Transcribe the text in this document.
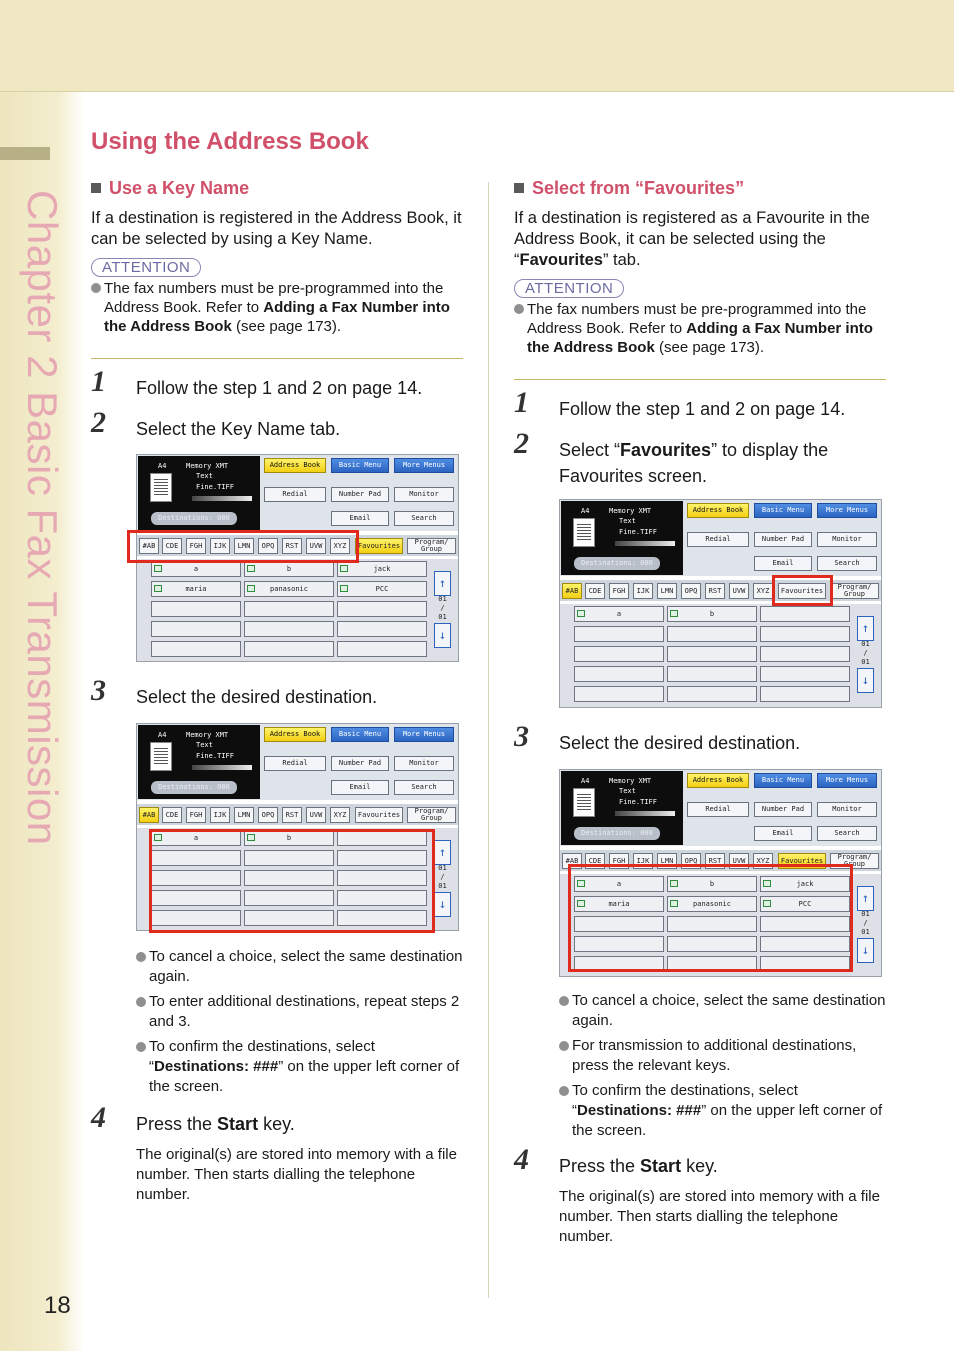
Chapter 2 Basic Fax Transmission
18
Using the Address Book
Use a Key Name
If a destination is registered in the Address Book, it can be selected by using a Key Name.
ATTENTION
The fax numbers must be pre-programmed into the Address Book. Refer to Adding a Fax Number into the Address Book (see page 173).
1 Follow the step 1 and 2 on page 14.
2 Select the Key Name tab.
A4	Memory XMT
Text
Fine.TIFF
Destinations: 000
Address Book	Basic Menu	More Menus
Redial	Number Pad	Monitor
Email	Search
#AB	CDE	FGH	IJK	LMN	OPQ	RST	UVW	XYZ	Favourites	Program/ Group
a	b	jack
maria	panasonic	PCC	↑
01
/
01
↓
3 Select the desired destination.
A4	Memory XMT
Text
Fine.TIFF
Destinations: 000
Address Book	Basic Menu	More Menus
Redial	Number Pad	Monitor
Email	Search
#AB	CDE	FGH	IJK	LMN	OPQ	RST	UVW	XYZ	Favourites	Program/ Group
a	b
↑
01
/
01
↓
To cancel a choice, select the same destination again.
To enter additional destinations, repeat steps 2 and 3.
To confirm the destinations, select “Destinations: ###” on the upper left corner of the screen.
4 Press the Start key.
The original(s) are stored into memory with a file number. Then starts dialling the telephone number.
Select from “Favourites”
If a destination is registered as a Favourite in the Address Book, it can be selected using the “Favourites” tab.
ATTENTION
The fax numbers must be pre-programmed into the Address Book. Refer to Adding a Fax Number into the Address Book (see page 173).
1 Follow the step 1 and 2 on page 14.
2 Select “Favourites” to display the Favourites screen.
A4	Memory XMT
Text
Fine.TIFF
Destinations: 000
Address Book	Basic Menu	More Menus
Redial	Number Pad	Monitor
Email	Search
#AB	CDE	FGH	IJK	LMN	OPQ	RST	UVW	XYZ	Favourites	Program/ Group
a	b
↑
01
/
01
↓
3 Select the desired destination.
A4	Memory XMT
Text
Fine.TIFF
Destinations: 000
Address Book	Basic Menu	More Menus
Redial	Number Pad	Monitor
Email	Search
#AB	CDE	FGH	IJK	LMN	OPQ	RST	UVW	XYZ	Favourites	Program/ Group
a	b	jack
maria	panasonic	PCC	↑
01
/
01
↓
To cancel a choice, select the same destination again.
For transmission to additional destinations, press the relevant keys.
To confirm the destinations, select “Destinations: ###” on the upper left corner of the screen.
4 Press the Start key.
The original(s) are stored into memory with a file number. Then starts dialling the telephone number.
